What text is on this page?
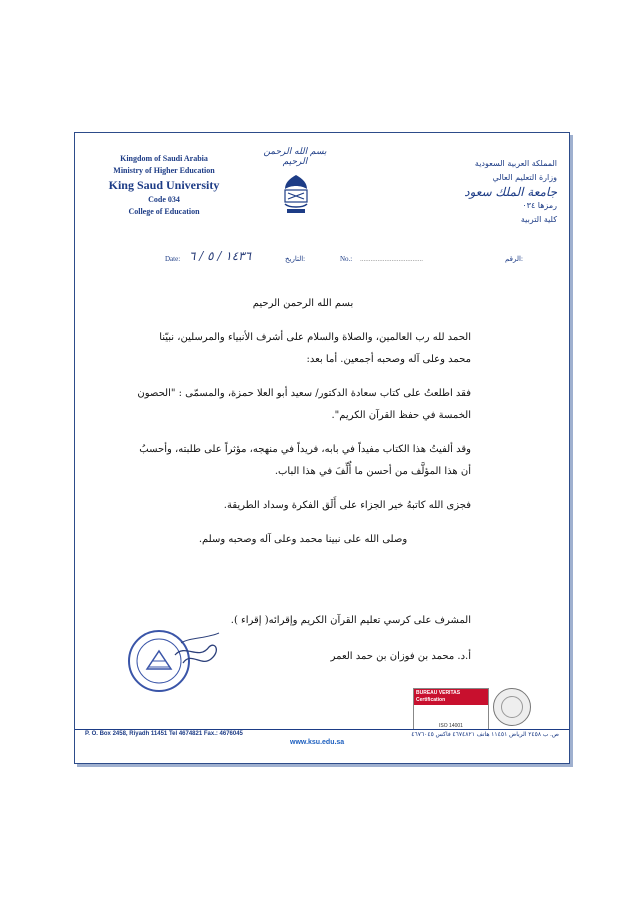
Kingdom of Saudi Arabia
Ministry of Higher Education
King Saud University
Code 034
College of Education
بسم الله الرحمن الرحيم	المملكة العربية السعودية
وزارة التعليم العالي
جامعة الملك سعود
رمزها ٠٣٤
كلية التربية
Date: ١٤٣٦ / ٥ / ٦	التاريخ:	No.: ....................................	الرقم:

بسم الله الرحمن الرحيم

الحمد لله رب العالمين، والصلاة والسلام على أشرف الأنبياء والمرسلين، نبيّنا محمد وعلى آله وصحبه أجمعين. أما بعد:

فقد اطلعتُ على كتاب سعادة الدكتور/ سعيد أبو العلا حمزة، والمسمّى : "الحصون الخمسة في حفظ القرآن الكريم".

وقد ألفيتُ هذا الكتاب مفيداً في بابه، فريداً في منهجه، مؤثراً على طلبته، وأحسبُ أن هذا المؤلَّف من أحسن ما أُلِّفَ في هذا الباب.

فجزى الله كاتبهُ خير الجزاء على أَلَق الفكرة وسداد الطريقة.

وصلى الله على نبينا محمد وعلى آله وصحبه وسلم.

المشرف على كرسي تعليم القرآن الكريم وإقرائه( إقراء ).
أ.د. محمد بن فوزان بن حمد العمر
BUREAU VERITAS
Certification
ISO 14001
P. O. Box 2458, Riyadh 11451 Tel 4674821 Fax.: 4676045
www.ksu.edu.sa
ص. ب ٢٤٥٨ الرياض ١١٤٥١ هاتف ٤٦٧٤٨٢١ فاكس ٤٦٧٦٠٤٥
